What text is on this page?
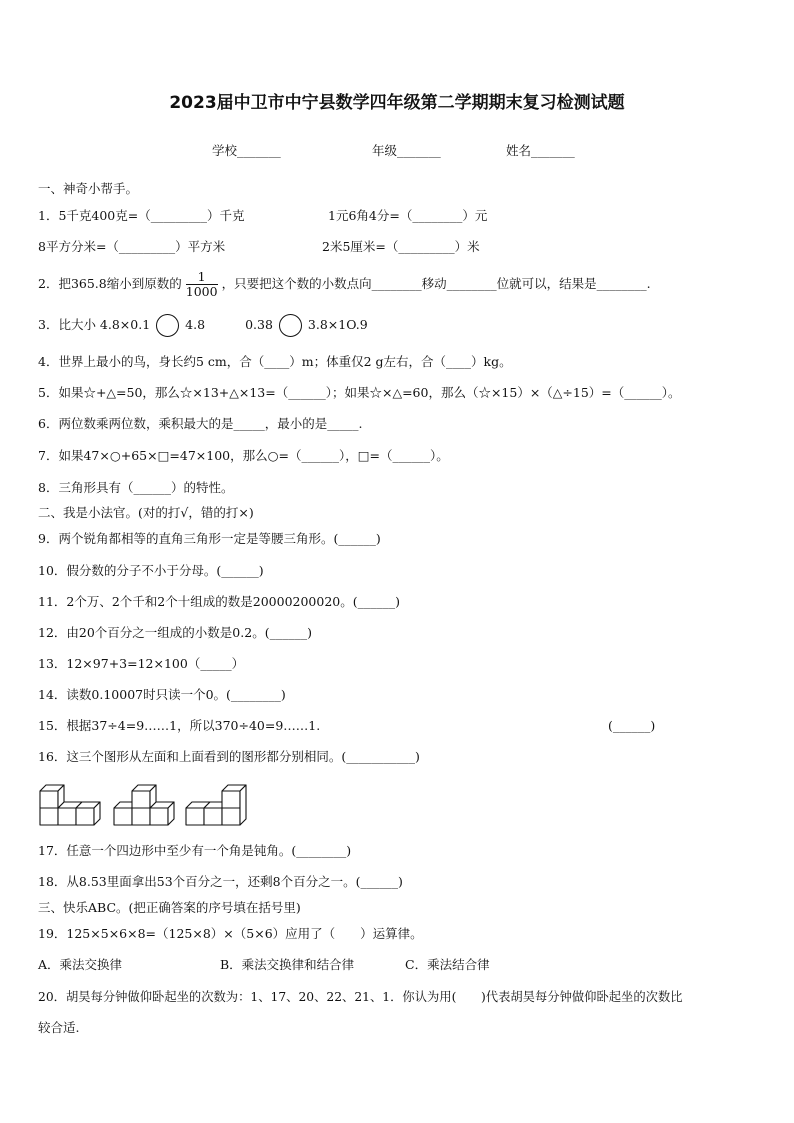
2023届中卫市中宁县数学四年级第二学期期末复习检测试题
学校_______	年级_______	姓名_______
一、神奇小帮手。
1．5千克400克=（_________）千克	1元6角4分=（________）元
8平方分米=（_________）平方米	2米5厘米=（_________）米
2．把365.8缩小到原数的 $\frac{1}{1000}$ ，只要把这个数的小数点向________移动________位就可以，结果是________.
3．比大小 4.8×0.1	4.8	0.38	3.8×1O.9
4．世界上最小的鸟，身长约5 cm，合（____）m；体重仅2 g左右，合（____）kg。
5．如果☆+△=50，那么☆×13+△×13=（______）；如果☆×△=60，那么（☆×15）×（△÷15）=（______）。
6．两位数乘两位数，乘积最大的是_____，最小的是_____.
7．如果47×○+65×□=47×100，那么○=（______），□=（______）。
8．三角形具有（______）的特性。
二、我是小法官。(对的打√，错的打×)
9．两个锐角都相等的直角三角形一定是等腰三角形。(______)
10．假分数的分子不小于分母。(______)
11．2个万、2个千和2个十组成的数是20000200020。(______)
12．由20个百分之一组成的小数是0.2。(______)
13．12×97+3=12×100（_____）
14．读数0.10007时只读一个0。(________)
15．根据37÷4=9……1，所以370÷40=9……1.	(______)
16．这三个图形从左面和上面看到的图形都分别相同。(___________)
17．任意一个四边形中至少有一个角是钝角。(________)
18．从8.53里面拿出53个百分之一，还剩8个百分之一。(______)
三、快乐ABC。(把正确答案的序号填在括号里)
19．125×5×6×8=（125×8）×（5×6）应用了（　　）运算律。
A．乘法交换律	B．乘法交换律和结合律	C．乘法结合律
20．胡昊每分钟做仰卧起坐的次数为：1、17、20、22、21、1．你认为用(　　)代表胡昊每分钟做仰卧起坐的次数比
较合适.
